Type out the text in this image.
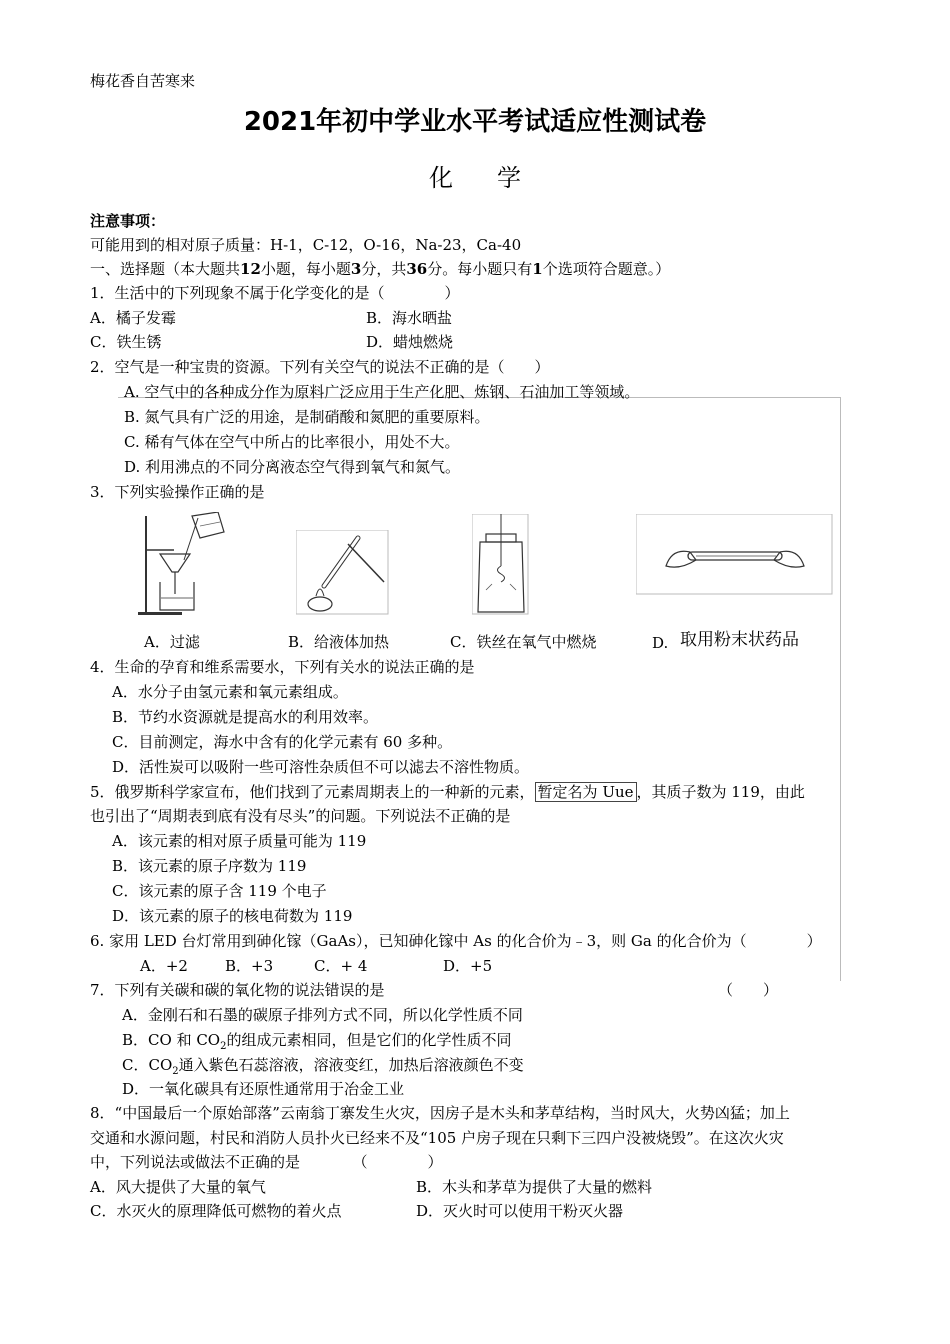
梅花香自苦寒来
2021年初中学业水平考试适应性测试卷
化学
注意事项：
可能用到的相对原子质量：H-1，C-12，O-16，Na-23，Ca-40
一、选择题（本大题共12小题，每小题3分，共36分。每小题只有1个选项符合题意。）
1．生活中的下列现象不属于化学变化的是（　　　　）
A．橘子发霉	B．海水晒盐
C．铁生锈	D．蜡烛燃烧
2．空气是一种宝贵的资源。下列有关空气的说法不正确的是（　　）
A. 空气中的各种成分作为原料广泛应用于生产化肥、炼钢、石油加工等领域。
B. 氮气具有广泛的用途，是制硝酸和氮肥的重要原料。
C. 稀有气体在空气中所占的比率很小，用处不大。
D. 利用沸点的不同分离液态空气得到氧气和氮气。
3．下列实验操作正确的是
A．过滤	B．给液体加热	C．铁丝在氧气中燃烧	D. 取用粉末状药品
4．生命的孕育和维系需要水，下列有关水的说法正确的是
A．水分子由氢元素和氧元素组成。
B．节约水资源就是提高水的利用效率。
C．目前测定，海水中含有的化学元素有 60 多种。
D．活性炭可以吸附一些可溶性杂质但不可以滤去不溶性物质。
5．俄罗斯科学家宣布，他们找到了元素周期表上的一种新的元素， 暂定名为 Uue ，其质子数为 119，由此
也引出了“周期表到底有没有尽头”的问题。下列说法不正确的是
A．该元素的相对原子质量可能为 119
B．该元素的原子序数为 119
C．该元素的原子含 119 个电子
D．该元素的原子的核电荷数为 119
6. 家用 LED 台灯常用到砷化镓（GaAs），已知砷化镓中 As 的化合价为﹣3，则 Ga 的化合价为（　　　　）
A．+2 B．+3	C．+ 4	D．+5
7．下列有关碳和碳的氧化物的说法错误的是	（　　）
A．金刚石和石墨的碳原子排列方式不同，所以化学性质不同
B．CO 和 $CO_2$的组成元素相同，但是它们的化学性质不同
C．$CO_2$通入紫色石蕊溶液，溶液变红，加热后溶液颜色不变
D．一氧化碳具有还原性通常用于冶金工业
8．“中国最后一个原始部落”云南翁丁寨发生火灾，因房子是木头和茅草结构，当时风大，火势凶猛；加上
交通和水源问题，村民和消防人员扑火已经来不及“105 户房子现在只剩下三四户没被烧毁”。在这次火灾
中，下列说法或做法不正确的是　　　　（　　　　）
A．风大提供了大量的氧气	B．木头和茅草为提供了大量的燃料
C．水灭火的原理降低可燃物的着火点	D．灭火时可以使用干粉灭火器
